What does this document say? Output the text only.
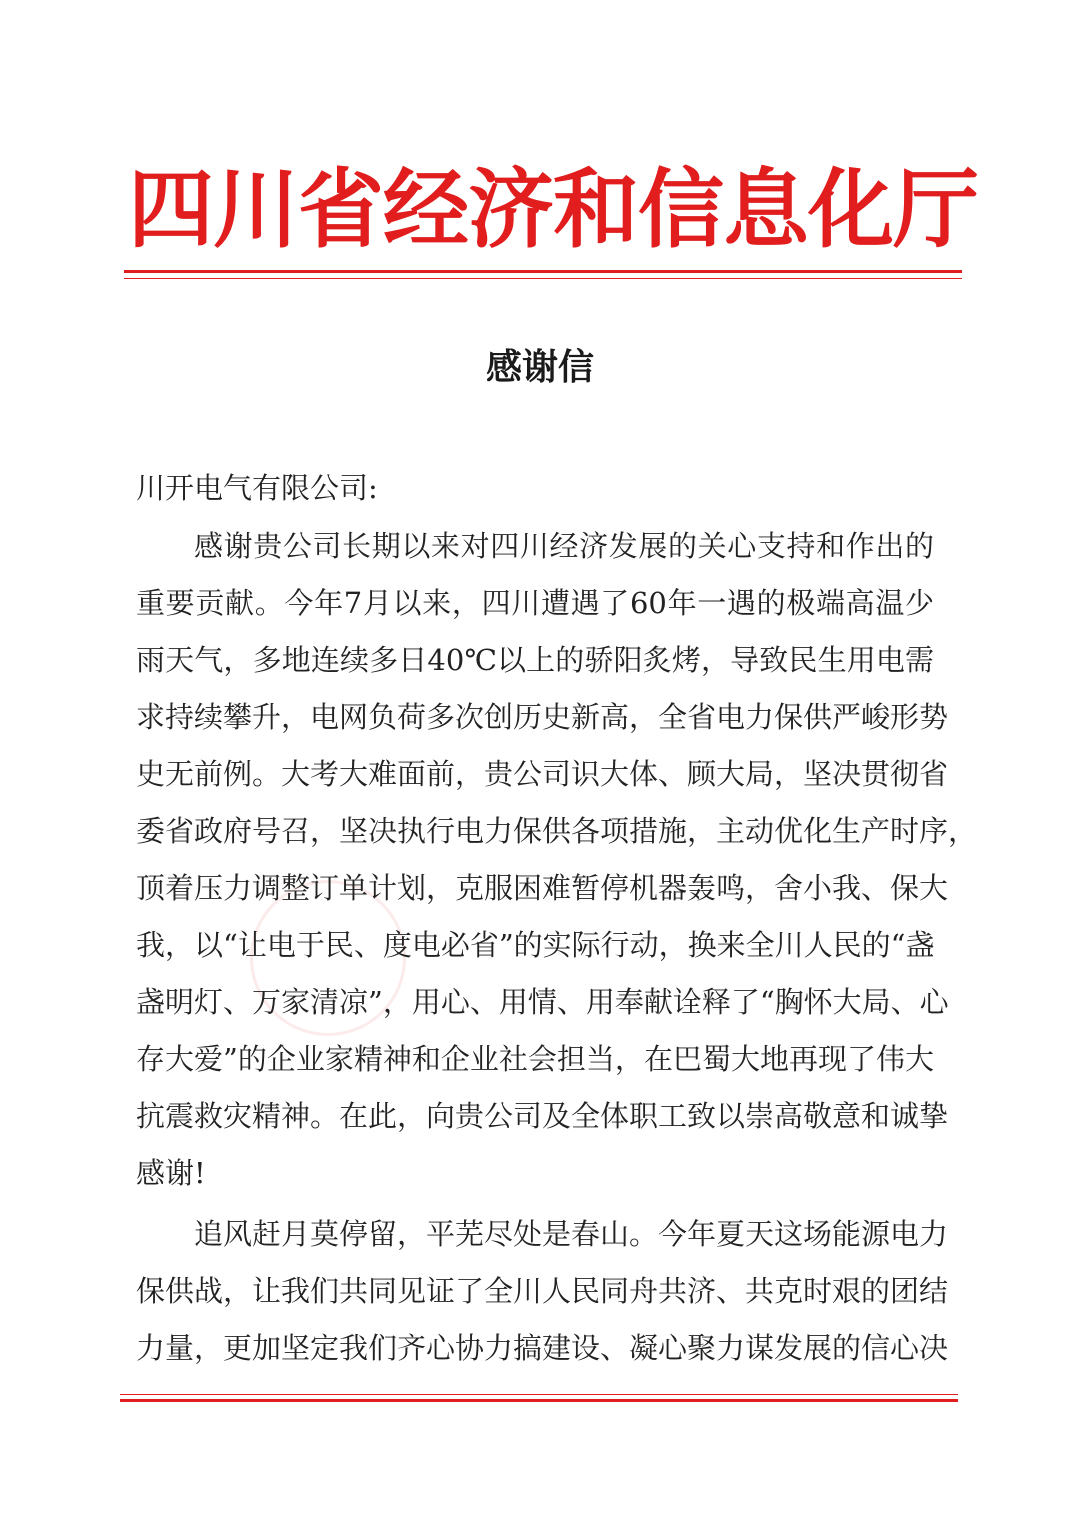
四川省经济和信息化厅
感谢信
川开电气有限公司:
感谢贵公司长期以来对四川经济发展的关心支持和作出的
重要贡献。今年7月以来，四川遭遇了60年一遇的极端高温少
雨天气，多地连续多日40℃以上的骄阳炙烤，导致民生用电需
求持续攀升，电网负荷多次创历史新高，全省电力保供严峻形势
史无前例。大考大难面前，贵公司识大体、顾大局，坚决贯彻省
委省政府号召，坚决执行电力保供各项措施，主动优化生产时序，
顶着压力调整订单计划，克服困难暂停机器轰鸣，舍小我、保大
我，以“让电于民、度电必省”的实际行动，换来全川人民的“盏
盏明灯、万家清凉”，用心、用情、用奉献诠释了“胸怀大局、心
存大爱”的企业家精神和企业社会担当，在巴蜀大地再现了伟大
抗震救灾精神。在此，向贵公司及全体职工致以崇高敬意和诚挚
感谢!
追风赶月莫停留，平芜尽处是春山。今年夏天这场能源电力
保供战，让我们共同见证了全川人民同舟共济、共克时艰的团结
力量，更加坚定我们齐心协力搞建设、凝心聚力谋发展的信心决
